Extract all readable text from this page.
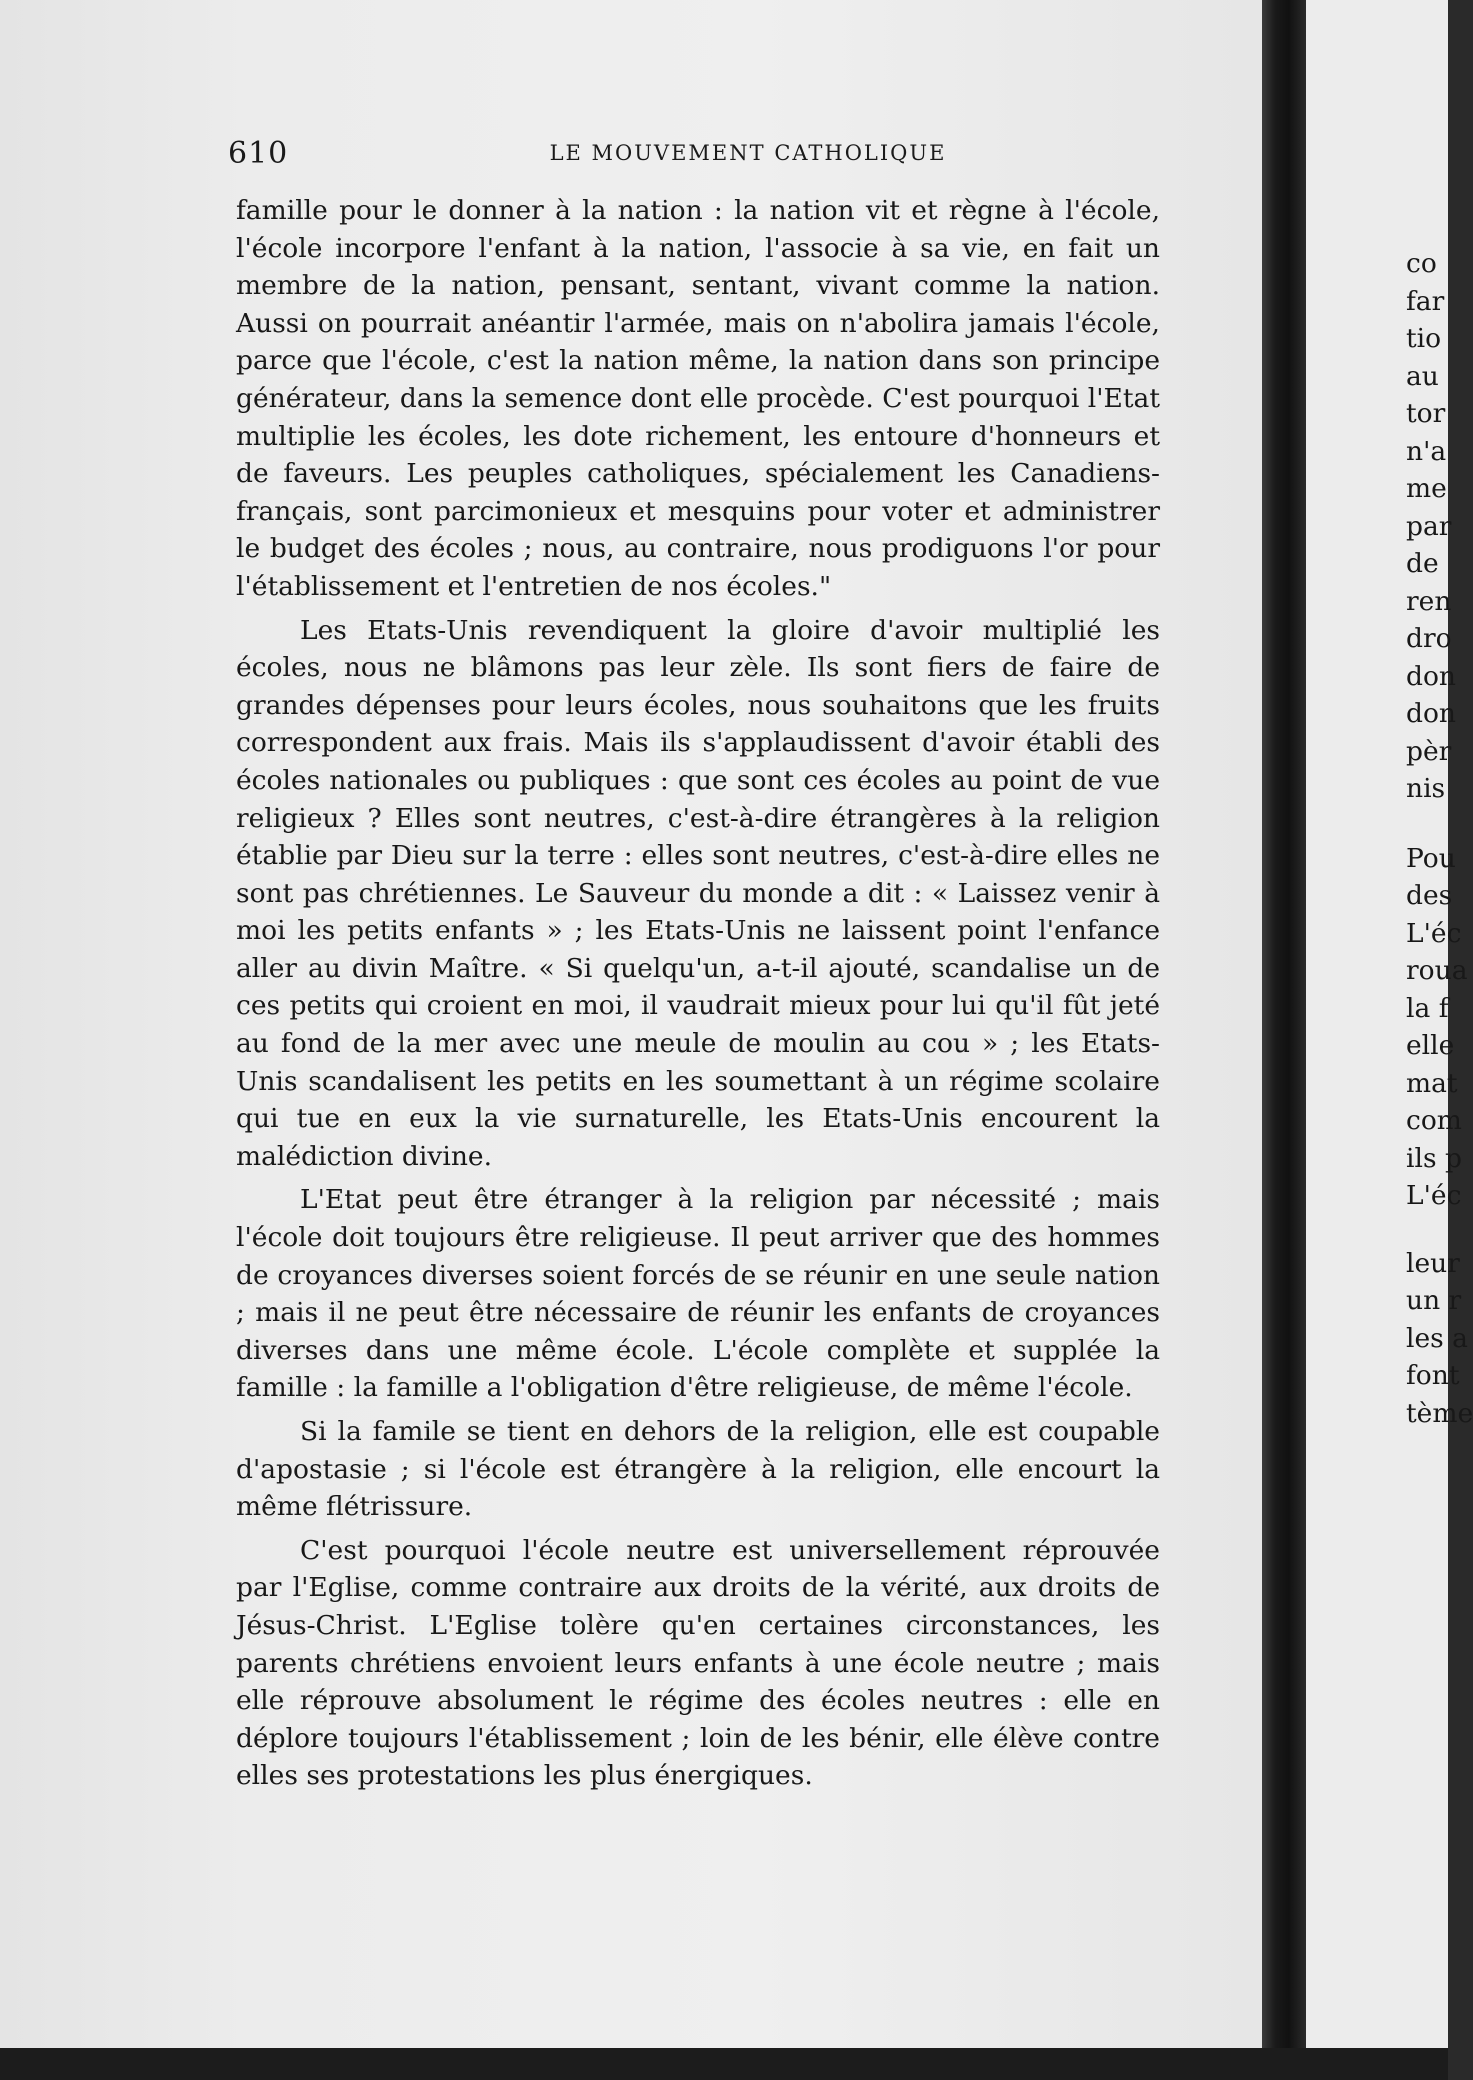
610	LE MOUVEMENT CATHOLIQUE

famille pour le donner à la nation : la nation vit et règne à l'école, l'école incorpore l'enfant à la nation, l'associe à sa vie, en fait un membre de la nation, pensant, sentant, vivant comme la nation. Aussi on pourrait anéantir l'armée, mais on n'abolira jamais l'école, parce que l'école, c'est la nation même, la nation dans son principe générateur, dans la semence dont elle procède. C'est pourquoi l'Etat multiplie les écoles, les dote richement, les entoure d'honneurs et de faveurs. Les peuples catholiques, spécialement les Canadiens-français, sont parcimonieux et mesquins pour voter et administrer le budget des écoles ; nous, au contraire, nous prodiguons l'or pour l'établissement et l'entretien de nos écoles."

Les Etats-Unis revendiquent la gloire d'avoir multiplié les écoles, nous ne blâmons pas leur zèle. Ils sont fiers de faire de grandes dépenses pour leurs écoles, nous souhaitons que les fruits correspondent aux frais. Mais ils s'applaudissent d'avoir établi des écoles nationales ou publiques : que sont ces écoles au point de vue religieux ? Elles sont neutres, c'est-à-dire étrangères à la religion établie par Dieu sur la terre : elles sont neutres, c'est-à-dire elles ne sont pas chrétiennes. Le Sauveur du monde a dit : « Laissez venir à moi les petits enfants » ; les Etats-Unis ne laissent point l'enfance aller au divin Maître. « Si quelqu'un, a-t-il ajouté, scandalise un de ces petits qui croient en moi, il vaudrait mieux pour lui qu'il fût jeté au fond de la mer avec une meule de moulin au cou » ; les Etats-Unis scandalisent les petits en les soumettant à un régime scolaire qui tue en eux la vie surnaturelle, les Etats-Unis encourent la malédiction divine.

L'Etat peut être étranger à la religion par nécessité ; mais l'école doit toujours être religieuse. Il peut arriver que des hommes de croyances diverses soient forcés de se réunir en une seule nation ; mais il ne peut être nécessaire de réunir les enfants de croyances diverses dans une même école. L'école complète et supplée la famille : la famille a l'obligation d'être religieuse, de même l'école.

Si la famile se tient en dehors de la religion, elle est coupable d'apostasie ; si l'école est étrangère à la religion, elle encourt la même flétrissure.

C'est pourquoi l'école neutre est universellement réprouvée par l'Eglise, comme contraire aux droits de la vérité, aux droits de Jésus-Christ. L'Eglise tolère qu'en certaines circonstances, les parents chrétiens envoient leurs enfants à une école neutre ; mais elle réprouve absolument le régime des écoles neutres : elle en déplore toujours l'établissement ; loin de les bénir, elle élève contre elles ses protestations les plus énergiques.

co
far
tio
au
tor
n'a
me
par
de
ren
dro
don
don
pèr
nis
Pou
des
L'éc
roua
la f
elle
mat
com
ils p
L'éc
leur
un r
les a
font
tème
